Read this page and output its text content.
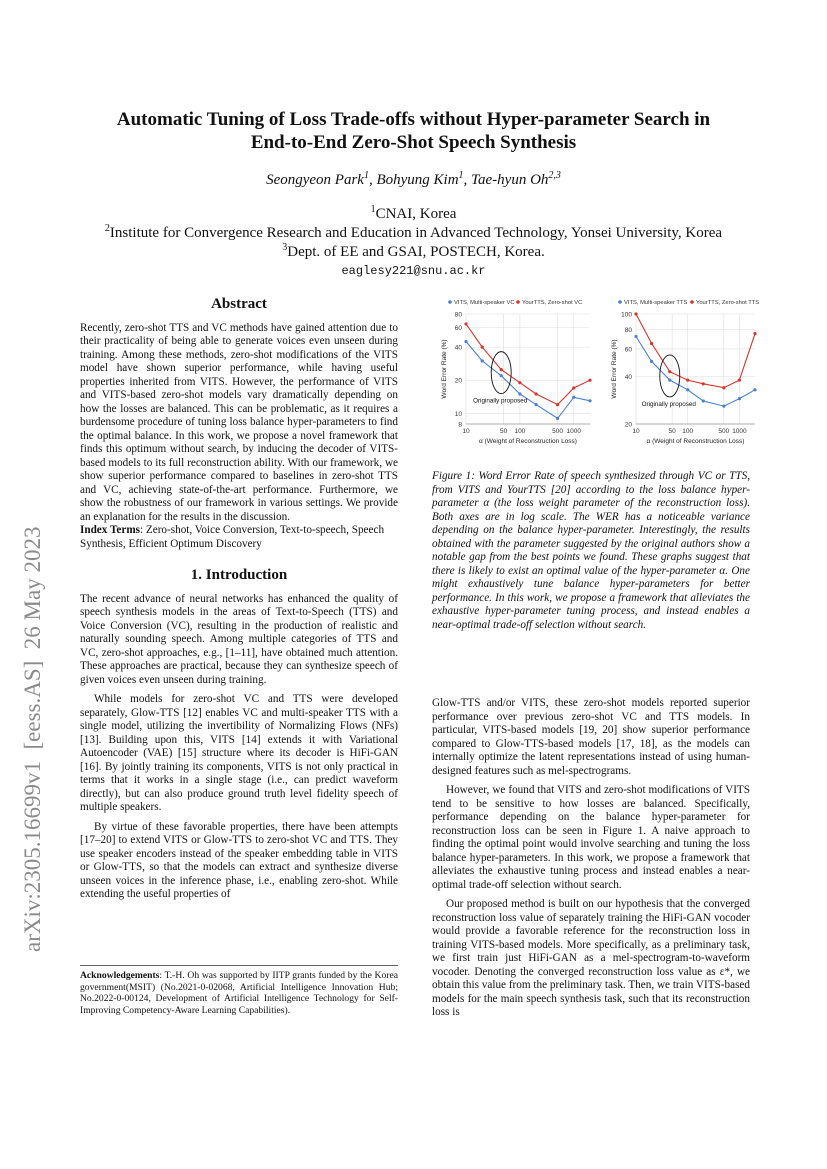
arXiv:2305.16699v1  [eess.AS]  26 May 2023
Automatic Tuning of Loss Trade-offs without Hyper-parameter Search in
End-to-End Zero-Shot Speech Synthesis
Seongyeon Park$^1$, Bohyung Kim$^1$, Tae-hyun Oh$^{2,3}$
$^1$CNAI, Korea
$^2$Institute for Convergence Research and Education in Advanced Technology, Yonsei University, Korea
$^3$Dept. of EE and GSAI, POSTECH, Korea.
eaglesy221@snu.ac.kr
Abstract

Recently, zero-shot TTS and VC methods have gained attention due to their practicality of being able to generate voices even unseen during training. Among these methods, zero-shot modifications of the VITS model have shown superior performance, while having useful properties inherited from VITS. However, the performance of VITS and VITS-based zero-shot models vary dramatically depending on how the losses are balanced. This can be problematic, as it requires a burdensome procedure of tuning loss balance hyper-parameters to find the optimal balance. In this work, we propose a novel framework that finds this optimum without search, by inducing the decoder of VITS-based models to its full reconstruction ability. With our framework, we show superior performance compared to baselines in zero-shot TTS and VC, achieving state-of-the-art performance. Furthermore, we show the robustness of our framework in various settings. We provide an explanation for the results in the discussion.

Index Terms: Zero-shot, Voice Conversion, Text-to-speech, Speech Synthesis, Efficient Optimum Discovery

1. Introduction

The recent advance of neural networks has enhanced the quality of speech synthesis models in the areas of Text-to-Speech (TTS) and Voice Conversion (VC), resulting in the production of realistic and naturally sounding speech. Among multiple categories of TTS and VC, zero-shot approaches, e.g., [1–11], have obtained much attention. These approaches are practical, because they can synthesize speech of given voices even unseen during training.

While models for zero-shot VC and TTS were developed separately, Glow-TTS [12] enables VC and multi-speaker TTS with a single model, utilizing the invertibility of Normalizing Flows (NFs) [13]. Building upon this, VITS [14] extends it with Variational Autoencoder (VAE) [15] structure where its decoder is HiFi-GAN [16]. By jointly training its components, VITS is not only practical in terms that it works in a single stage (i.e., can predict waveform directly), but can also produce ground truth level fidelity speech of multiple speakers.

By virtue of these favorable properties, there have been attempts [17–20] to extend VITS or Glow-TTS to zero-shot VC and TTS. They use speaker encoders instead of the speaker embedding table in VITS or Glow-TTS, so that the models can extract and synthesize diverse unseen voices in the inference phase, i.e., enabling zero-shot. While extending the useful properties of

Acknowledgements: T.-H. Oh was supported by IITP grants funded by the Korea government(MSIT) (No.2021-0-02068, Artificial Intelligence Innovation Hub; No.2022-0-00124, Development of Artificial Intelligence Technology for Self-Improving Competency-Aware Learning Capabilities).
8
10
20
40
60
80
10	50 100	500 1000
α (Weight of Reconstruction Loss)
Word Error Rate (%)
VITS, Multi-speaker VC YourTTS, Zero-shot VC
Originally proposed
20
40
60
80
100
10	50 100	500 1000
α (Weight of Reconstruction Loss)
Word Error Rate (%)
VITS, Multi-speaker TTS YourTTS, Zero-shot TTS
Originally proposed
Figure 1: Word Error Rate of speech synthesized through VC or TTS, from VITS and YourTTS [20] according to the loss balance hyper-parameter α (the loss weight parameter of the reconstruction loss). Both axes are in log scale. The WER has a noticeable variance depending on the balance hyper-parameter. Interestingly, the results obtained with the parameter suggested by the original authors show a notable gap from the best points we found. These graphs suggest that there is likely to exist an optimal value of the hyper-parameter α. One might exhaustively tune balance hyper-parameters for better performance. In this work, we propose a framework that alleviates the exhaustive hyper-parameter tuning process, and instead enables a near-optimal trade-off selection without search.

Glow-TTS and/or VITS, these zero-shot models reported superior performance over previous zero-shot VC and TTS models. In particular, VITS-based models [19, 20] show superior performance compared to Glow-TTS-based models [17, 18], as the models can internally optimize the latent representations instead of using human-designed features such as mel-spectrograms.

However, we found that VITS and zero-shot modifications of VITS tend to be sensitive to how losses are balanced. Specifically, performance depending on the balance hyper-parameter for reconstruction loss can be seen in Figure 1. A naive approach to finding the optimal point would involve searching and tuning the loss balance hyper-parameters. In this work, we propose a framework that alleviates the exhaustive tuning process and instead enables a near-optimal trade-off selection without search.

Our proposed method is built on our hypothesis that the converged reconstruction loss value of separately training the HiFi-GAN vocoder would provide a favorable reference for the reconstruction loss in training VITS-based models. More specifically, as a preliminary task, we first train just HiFi-GAN as a mel-spectrogram-to-waveform vocoder. Denoting the converged reconstruction loss value as ε*, we obtain this value from the preliminary task. Then, we train VITS-based models for the main speech synthesis task, such that its reconstruction loss is
